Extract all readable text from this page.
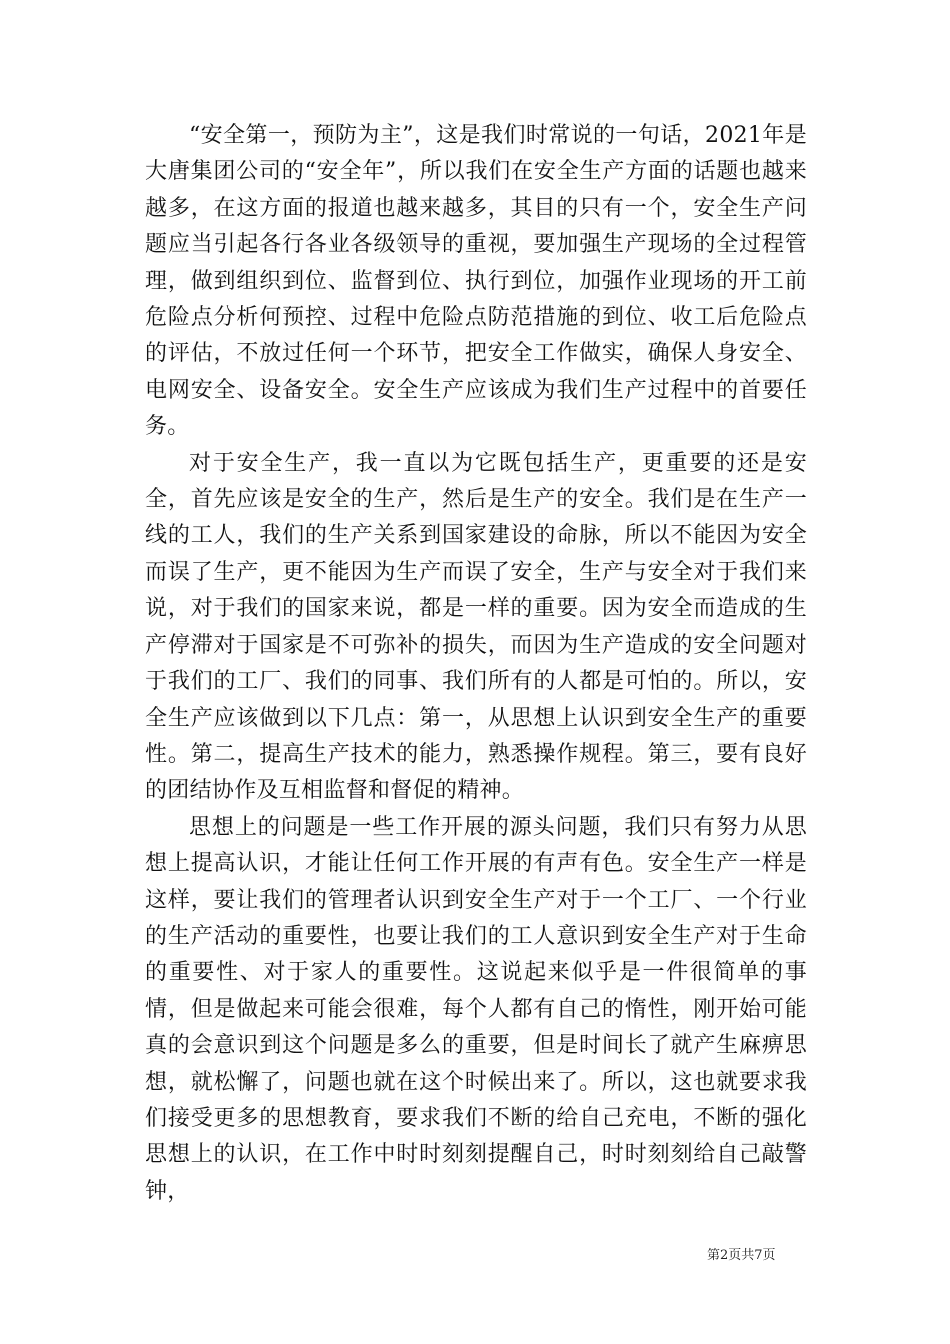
“安全第一，预防为主”，这是我们时常说的一句话，2021年是大唐集团公司的“安全年”，所以我们在安全生产方面的话题也越来越多，在这方面的报道也越来越多，其目的只有一个，安全生产问题应当引起各行各业各级领导的重视，要加强生产现场的全过程管理，做到组织到位、监督到位、执行到位，加强作业现场的开工前危险点分析何预控、过程中危险点防范措施的到位、收工后危险点的评估，不放过任何一个环节，把安全工作做实，确保人身安全、电网安全、设备安全。安全生产应该成为我们生产过程中的首要任务。

对于安全生产，我一直以为它既包括生产，更重要的还是安全，首先应该是安全的生产，然后是生产的安全。我们是在生产一线的工人，我们的生产关系到国家建设的命脉，所以不能因为安全而误了生产，更不能因为生产而误了安全，生产与安全对于我们来说，对于我们的国家来说，都是一样的重要。因为安全而造成的生产停滞对于国家是不可弥补的损失，而因为生产造成的安全问题对于我们的工厂、我们的同事、我们所有的人都是可怕的。所以，安全生产应该做到以下几点：第一，从思想上认识到安全生产的重要性。第二，提高生产技术的能力，熟悉操作规程。第三，要有良好的团结协作及互相监督和督促的精神。

思想上的问题是一些工作开展的源头问题，我们只有努力从思想上提高认识，才能让任何工作开展的有声有色。安全生产一样是这样，要让我们的管理者认识到安全生产对于一个工厂、一个行业的生产活动的重要性，也要让我们的工人意识到安全生产对于生命的重要性、对于家人的重要性。这说起来似乎是一件很简单的事情，但是做起来可能会很难，每个人都有自己的惰性，刚开始可能真的会意识到这个问题是多么的重要，但是时间长了就产生麻痹思想，就松懈了，问题也就在这个时候出来了。所以，这也就要求我们接受更多的思想教育，要求我们不断的给自己充电，不断的强化思想上的认识，在工作中时时刻刻提醒自己，时时刻刻给自己敲警钟，

第2页共7页
